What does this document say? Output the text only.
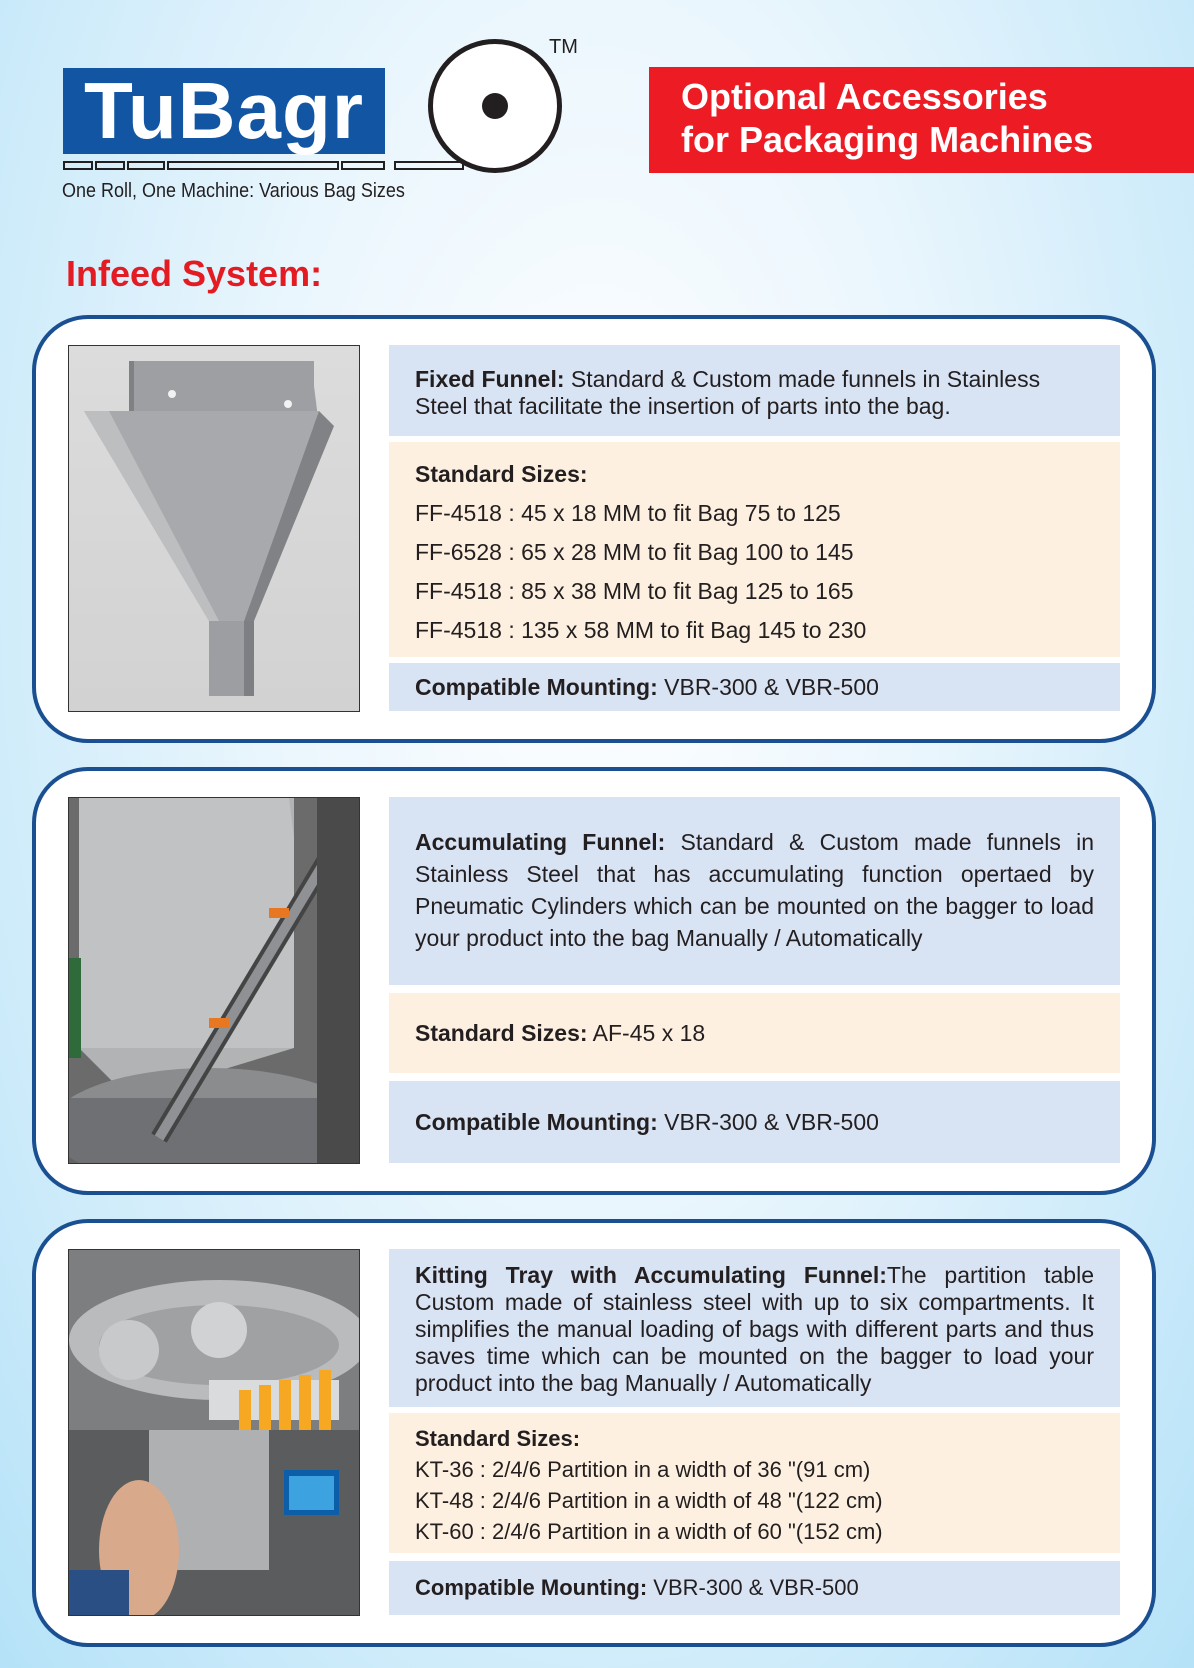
TuBagr
TM
One Roll, One Machine: Various Bag Sizes
Optional Accessories
for Packaging Machines
Infeed System:
Fixed Funnel: Standard & Custom made funnels in Stainless Steel that facilitate the insertion of parts into the bag.
Standard Sizes:
FF-4518 : 45 x 18 MM to fit Bag 75 to 125
FF-6528 : 65 x 28 MM to fit Bag 100 to 145
FF-4518 : 85 x 38 MM to fit Bag 125 to 165
FF-4518 : 135 x 58 MM to fit Bag 145 to 230
Compatible Mounting: VBR-300 & VBR-500
Accumulating Funnel: Standard & Custom made funnels in Stainless Steel that has accumulating function opertaed by Pneumatic Cylinders which can be mounted on the bagger to load your product into the bag Manually / Automatically
Standard Sizes: AF-45 x 18
Compatible Mounting: VBR-300 & VBR-500
Kitting Tray with Accumulating Funnel:The partition table Custom made of stainless steel with up to six compartments. It simplifies the manual loading of bags with different parts and thus saves time which can be mounted on the bagger to load your product into the bag Manually / Automatically
Standard Sizes:
KT-36 : 2/4/6 Partition in a width of 36 "(91 cm)
KT-48 : 2/4/6 Partition in a width of 48 "(122 cm)
KT-60 : 2/4/6 Partition in a width of 60 "(152 cm)
Compatible Mounting: VBR-300 & VBR-500
